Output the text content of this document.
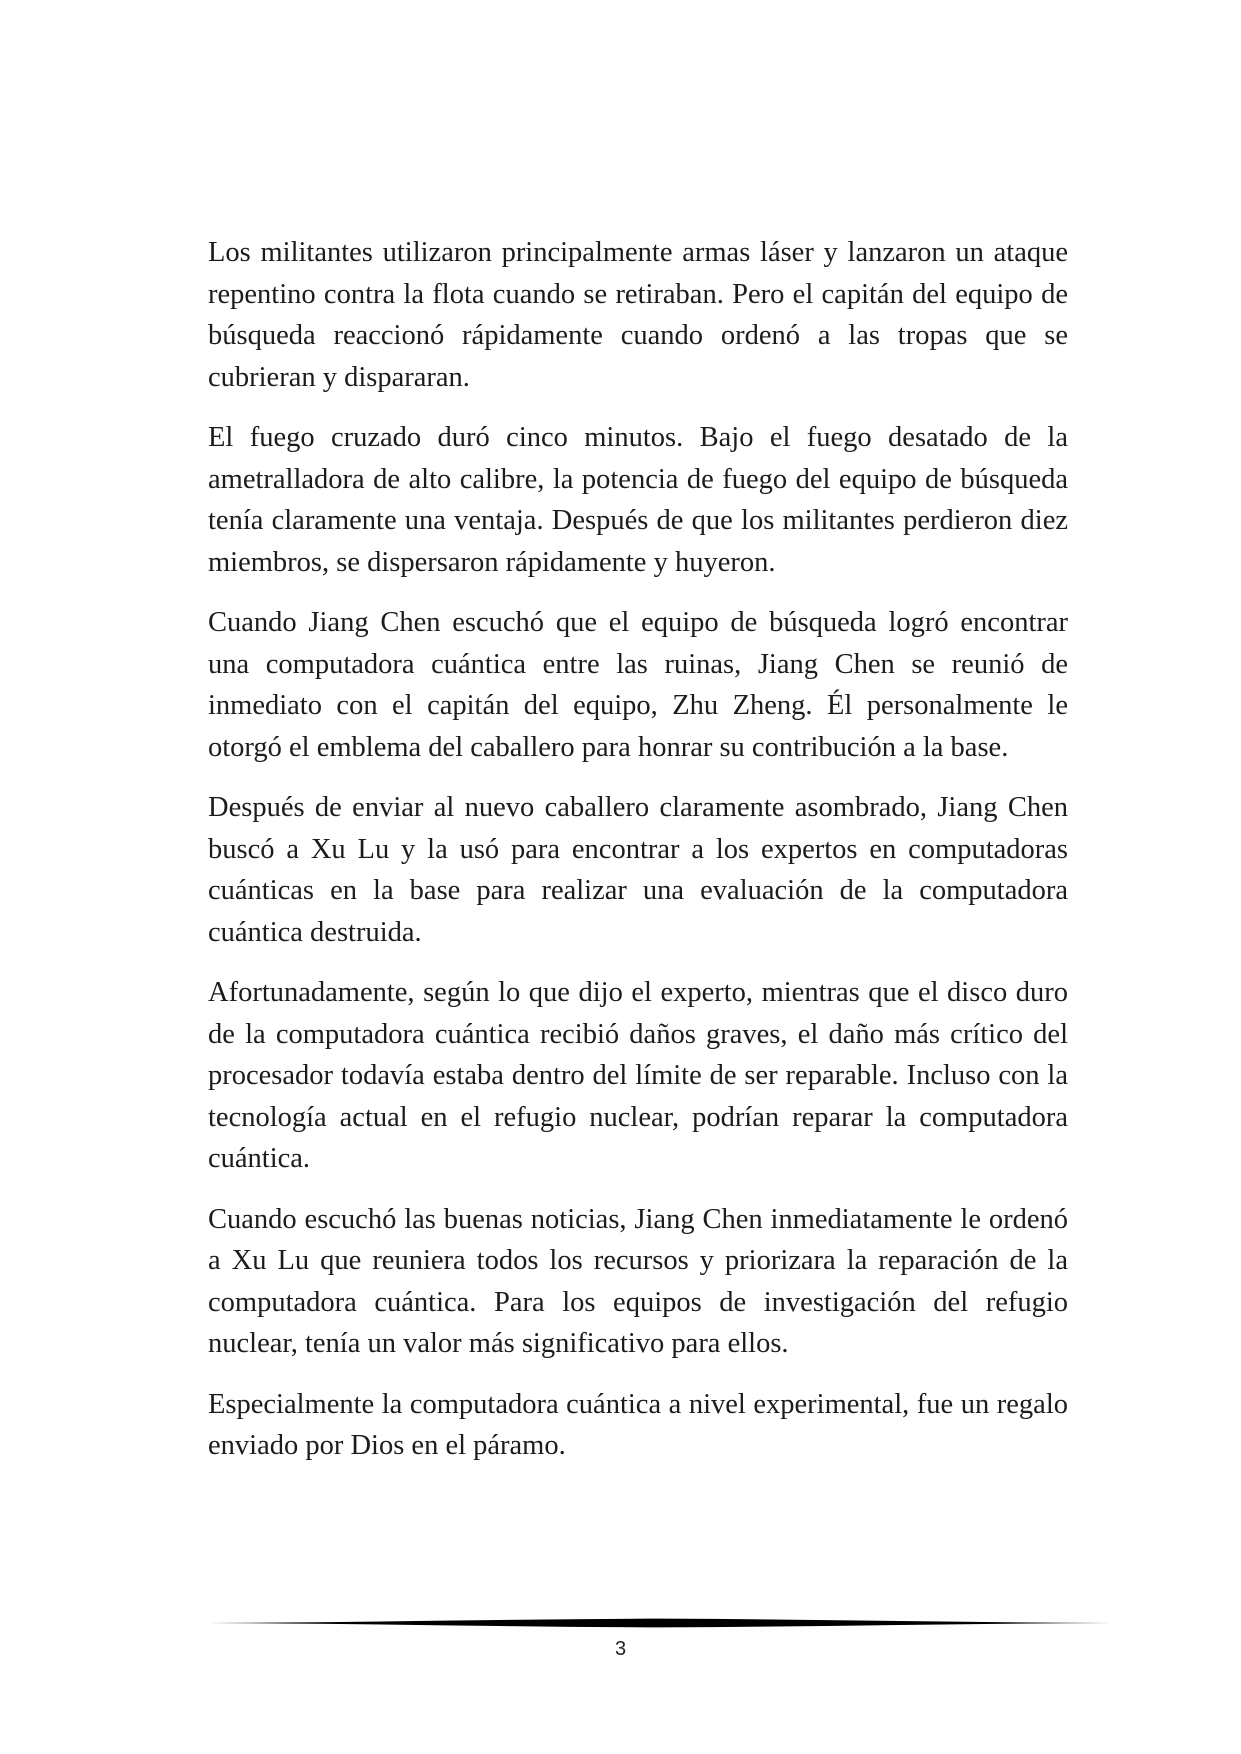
Los militantes utilizaron principalmente armas láser y lanzaron un ataque repentino contra la flota cuando se retiraban. Pero el capitán del equipo de búsqueda reaccionó rápidamente cuando ordenó a las tropas que se cubrieran y dispararan.

El fuego cruzado duró cinco minutos. Bajo el fuego desatado de la ametralladora de alto calibre, la potencia de fuego del equipo de búsqueda tenía claramente una ventaja. Después de que los militantes perdieron diez miembros, se dispersaron rápidamente y huyeron.

Cuando Jiang Chen escuchó que el equipo de búsqueda logró encontrar una computadora cuántica entre las ruinas, Jiang Chen se reunió de inmediato con el capitán del equipo, Zhu Zheng. Él personalmente le otorgó el emblema del caballero para honrar su contribución a la base.

Después de enviar al nuevo caballero claramente asombrado, Jiang Chen buscó a Xu Lu y la usó para encontrar a los expertos en computadoras cuánticas en la base para realizar una evaluación de la computadora cuántica destruida.

Afortunadamente, según lo que dijo el experto, mientras que el disco duro de la computadora cuántica recibió daños graves, el daño más crítico del procesador todavía estaba dentro del límite de ser reparable. Incluso con la tecnología actual en el refugio nuclear, podrían reparar la computadora cuántica.

Cuando escuchó las buenas noticias, Jiang Chen inmediatamente le ordenó a Xu Lu que reuniera todos los recursos y priorizara la reparación de la computadora cuántica. Para los equipos de investigación del refugio nuclear, tenía un valor más significativo para ellos.

Especialmente la computadora cuántica a nivel experimental, fue un regalo enviado por Dios en el páramo.

3
